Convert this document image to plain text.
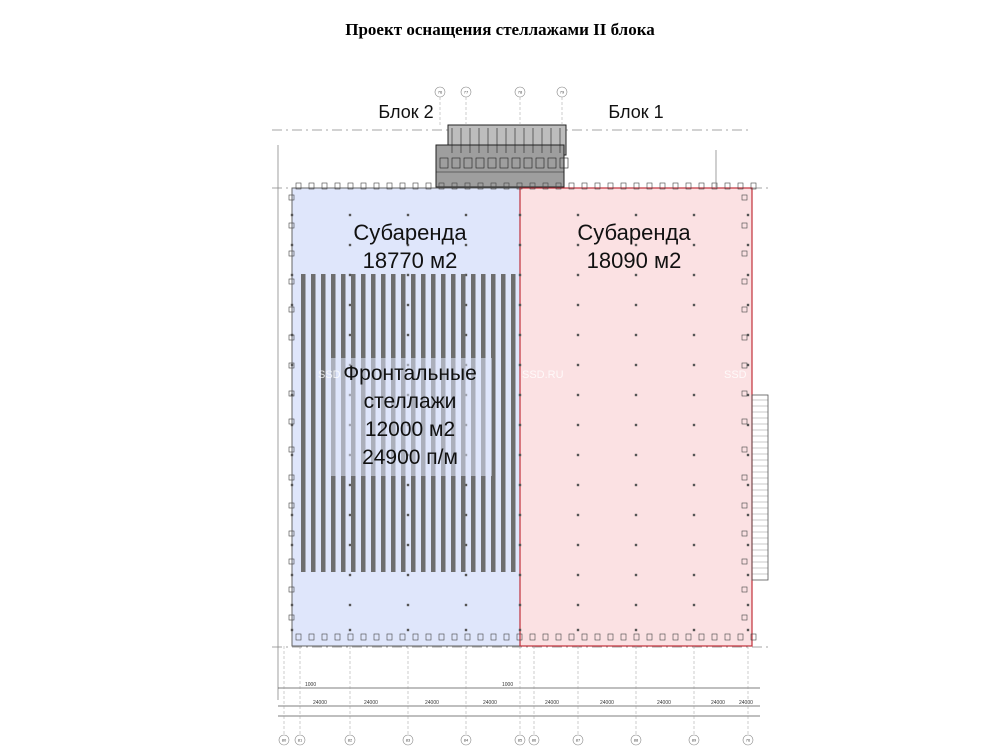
Проект оснащения стеллажами II блока
Блок 2	Блок 1
Субаренда
18770 м2
Субаренда
18090 м2
Фронтальные
стеллажи
12000 м2
24900 п/м
SSD	SSD.RU	SSD
1000	1000
24000	24000	24000	24000	24000	24000	24000	24000	24000
76	77	78	79
80	81	82	83	84	85 86	87	88	89	76
